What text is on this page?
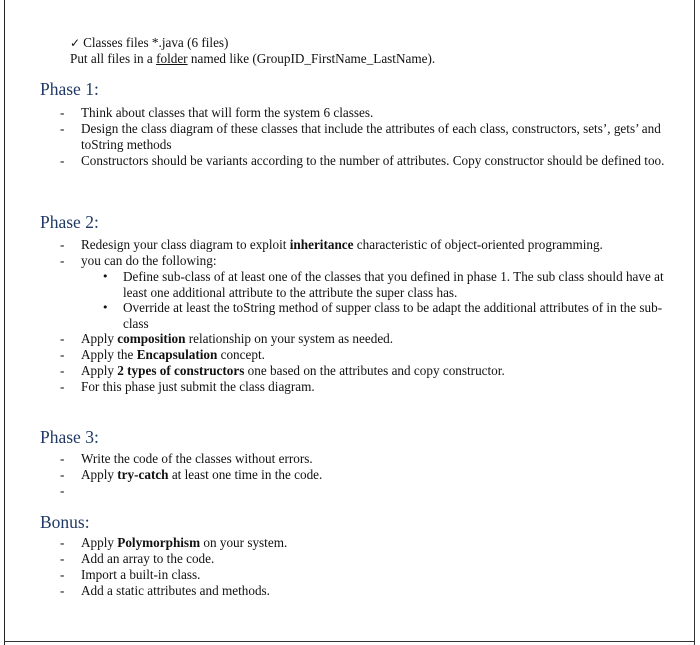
✓ Classes files *.java (6 files)
Put all files in a folder named like (GroupID_FirstName_LastName).
Phase 1:
- Think about classes that will form the system 6 classes.
- Design the class diagram of these classes that include the attributes of each class, constructors, sets’, gets’ and toString methods
- Constructors should be variants according to the number of attributes. Copy constructor should be defined too.
Phase 2:
- Redesign your class diagram to exploit inheritance characteristic of object-oriented programming.
- you can do the following:
• Define sub-class of at least one of the classes that you defined in phase 1. The sub class should have at least one additional attribute to the attribute the super class has.
• Override at least the toString method of supper class to be adapt the additional attributes of in the sub-class
- Apply composition relationship on your system as needed.
- Apply the Encapsulation concept.
- Apply 2 types of constructors one based on the attributes and copy constructor.
- For this phase just submit the class diagram.
Phase 3:
- Write the code of the classes without errors.
- Apply try-catch at least one time in the code.
-

Bonus:
- Apply Polymorphism on your system.
- Add an array to the code.
- Import a built-in class.
- Add a static attributes and methods.
